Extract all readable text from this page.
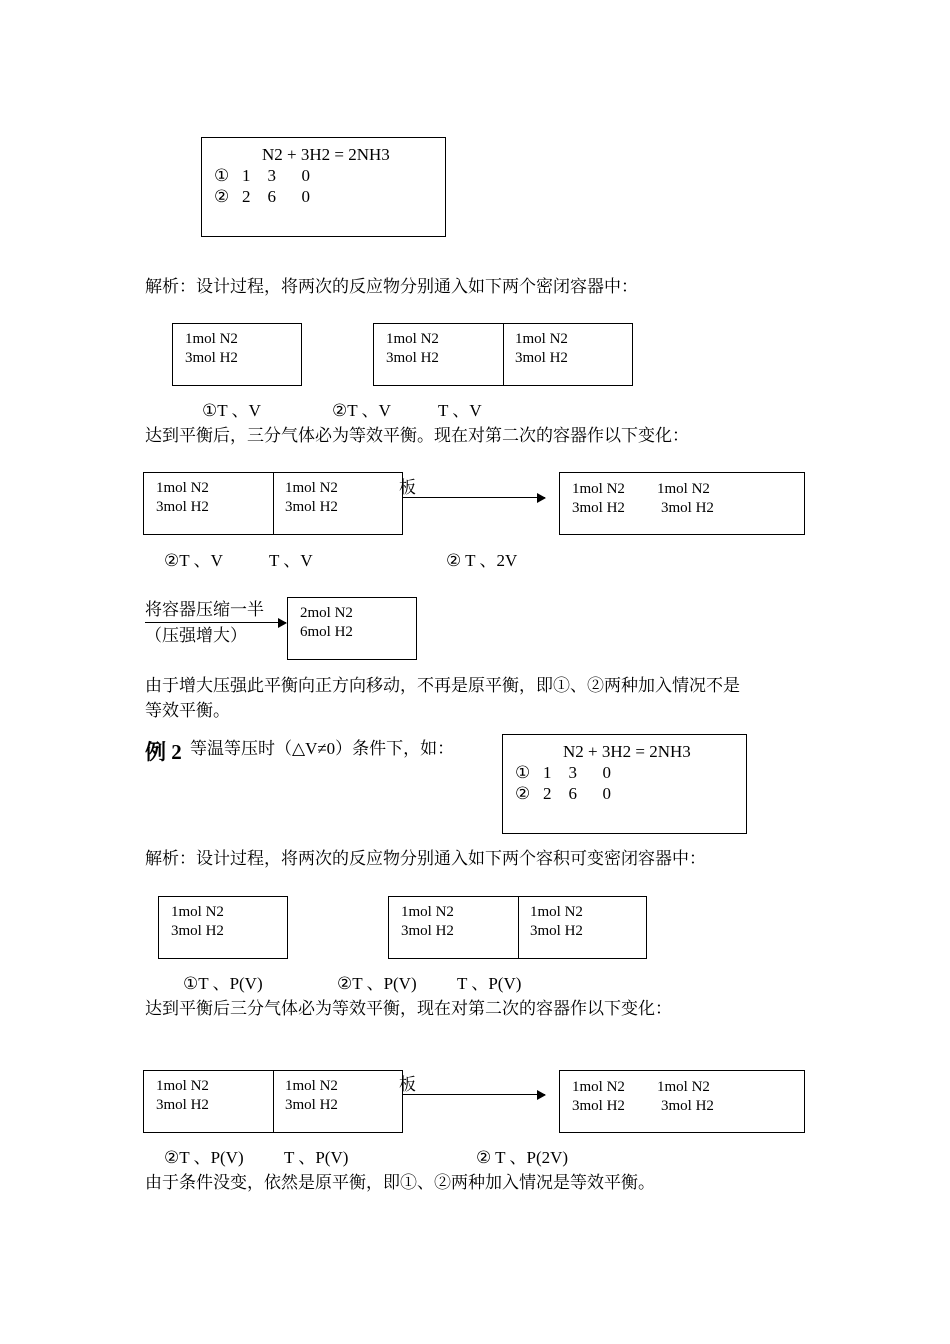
N2 + 3H2 = 2NH3
①   1    3      0
②   2    6      0
解析：设计过程，将两次的反应物分别通入如下两个密闭容器中：
1mol N2
3mol H2
1mol N2
3mol H2
1mol N2
3mol H2
①T 、V	②T 、V	T 、V
达到平衡后，三分气体必为等效平衡。现在对第二次的容器作以下变化：
1mol N2
3mol H2
1mol N2
3mol H2
板	1mol N2 1mol N2
3mol H2 3mol H2
②T 、V	T 、V	② T 、2V
将容器压缩一半
（压强增大）
2mol N2
6mol H2
由于增大压强此平衡向正方向移动，不再是原平衡，即①、②两种加入情况不是
等效平衡。
例 2 等温等压时（△V≠0）条件下，如：	N2 + 3H2 = 2NH3
①   1    3      0
②   2    6      0
解析：设计过程，将两次的反应物分别通入如下两个容积可变密闭容器中：
1mol N2
3mol H2
1mol N2
3mol H2
1mol N2
3mol H2
①T 、P(V)	②T 、P(V) T 、P(V)
达到平衡后三分气体必为等效平衡，现在对第二次的容器作以下变化：
1mol N2
3mol H2
1mol N2
3mol H2
板	1mol N2 1mol N2
3mol H2 3mol H2
②T 、P(V) T 、P(V)	② T 、P(2V)
由于条件没变，依然是原平衡，即①、②两种加入情况是等效平衡。
